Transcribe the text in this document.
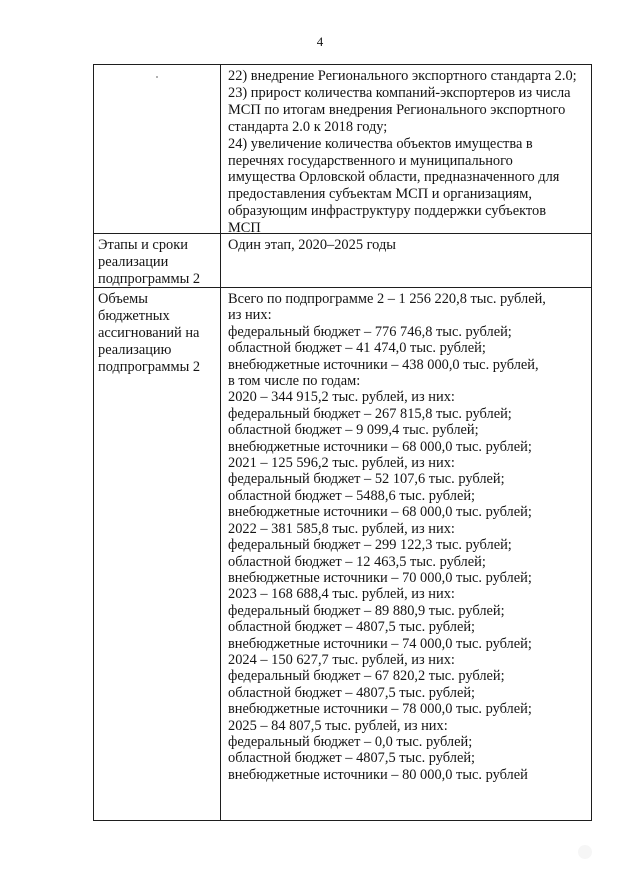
4
22) внедрение Регионального экспортного стандарта 2.0;
23) прирост количества компаний-экспортеров из числа
МСП по итогам внедрения Регионального экспортного
стандарта 2.0 к 2018 году;
24) увеличение количества объектов имущества в
перечнях государственного и муниципального
имущества Орловской области, предназначенного для
предоставления субъектам МСП и организациям,
образующим инфраструктуру поддержки субъектов
МСП
Этапы и сроки
реализации
подпрограммы 2
Один этап, 2020–2025 годы
Объемы
бюджетных
ассигнований на
реализацию
подпрограммы 2
Всего по подпрограмме 2 – 1 256 220,8 тыс. рублей,
из них:
федеральный бюджет – 776 746,8 тыс. рублей;
областной бюджет – 41 474,0 тыс. рублей;
внебюджетные источники – 438 000,0 тыс. рублей,
в том числе по годам:
2020 – 344 915,2 тыс. рублей, из них:
федеральный бюджет – 267 815,8 тыс. рублей;
областной бюджет – 9 099,4 тыс. рублей;
внебюджетные источники – 68 000,0 тыс. рублей;
2021 – 125 596,2 тыс. рублей, из них:
федеральный бюджет – 52 107,6 тыс. рублей;
областной бюджет – 5488,6 тыс. рублей;
внебюджетные источники – 68 000,0 тыс. рублей;
2022 – 381 585,8 тыс. рублей, из них:
федеральный бюджет – 299 122,3 тыс. рублей;
областной бюджет – 12 463,5 тыс. рублей;
внебюджетные источники – 70 000,0 тыс. рублей;
2023 – 168 688,4 тыс. рублей, из них:
федеральный бюджет – 89 880,9 тыс. рублей;
областной бюджет – 4807,5 тыс. рублей;
внебюджетные источники – 74 000,0 тыс. рублей;
2024 – 150 627,7 тыс. рублей, из них:
федеральный бюджет – 67 820,2 тыс. рублей;
областной бюджет – 4807,5 тыс. рублей;
внебюджетные источники – 78 000,0 тыс. рублей;
2025 – 84 807,5 тыс. рублей, из них:
федеральный бюджет – 0,0 тыс. рублей;
областной бюджет – 4807,5 тыс. рублей;
внебюджетные источники – 80 000,0 тыс. рублей
